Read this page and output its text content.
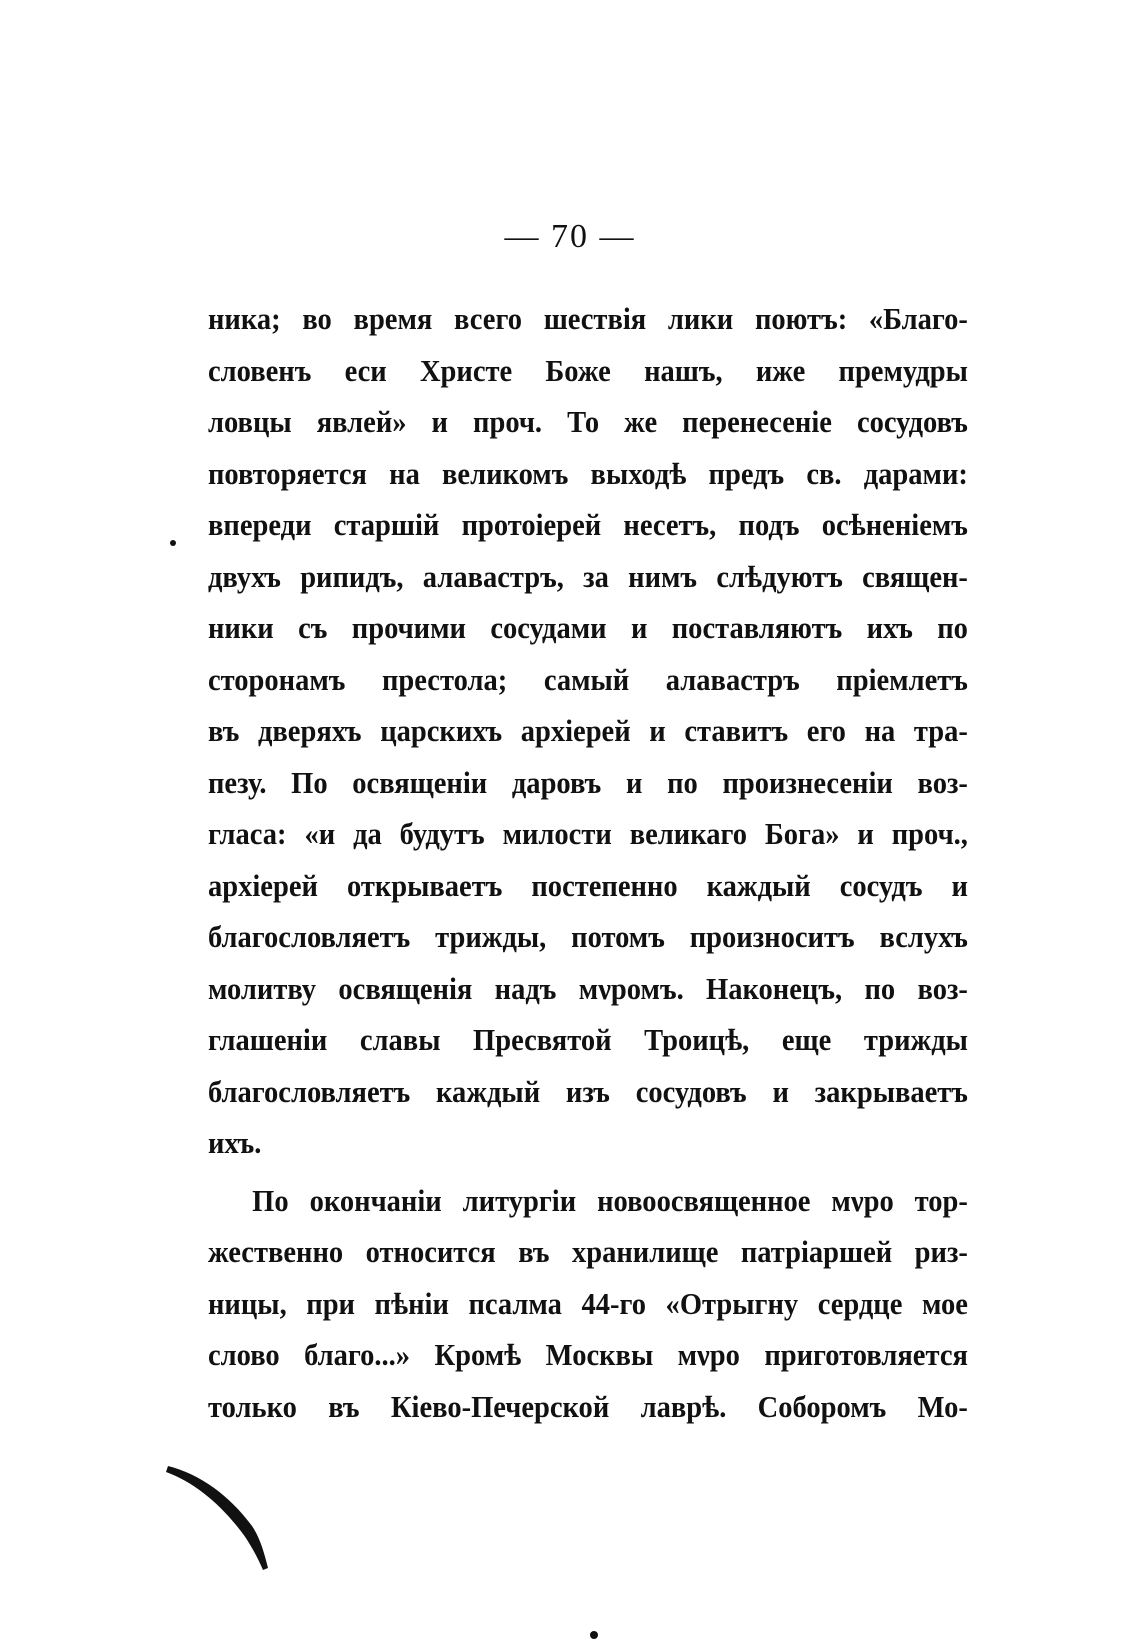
— 70 —
ника; во время всего шествія лики поютъ: «Благо-
словенъ еси Христе Боже нашъ, иже премудры
ловцы явлей» и проч. То же перенесеніе сосудовъ
повторяется на великомъ выходѣ предъ св. дарами:
впереди старшій протоіерей несетъ, подъ осѣненіемъ
двухъ рипидъ, алавастръ, за нимъ слѣдуютъ священ-
ники съ прочими сосудами и поставляютъ ихъ по
сторонамъ престола; самый алавастръ пріемлетъ
въ дверяхъ царскихъ архіерей и ставитъ его на тра-
пезу. По освященіи даровъ и по произнесеніи воз-
гласа: «и да будутъ милости великаго Бога» и проч.,
архіерей открываетъ постепенно каждый сосудъ и
благословляетъ трижды, потомъ произноситъ вслухъ
молитву освященія надъ мνромъ. Наконецъ, по воз-
глашеніи славы Пресвятой Троицѣ, еще трижды
благословляетъ каждый изъ сосудовъ и закрываетъ
ихъ.
По окончаніи литургіи новоосвященное мνро тор-
жественно относится въ хранилище патріаршей риз-
ницы, при пѣніи псалма 44-го «Отрыгну сердце мое
слово благо...» Кромѣ Москвы мνро приготовляется
только въ Кіево-Печерской лаврѣ. Соборомъ Мо-
